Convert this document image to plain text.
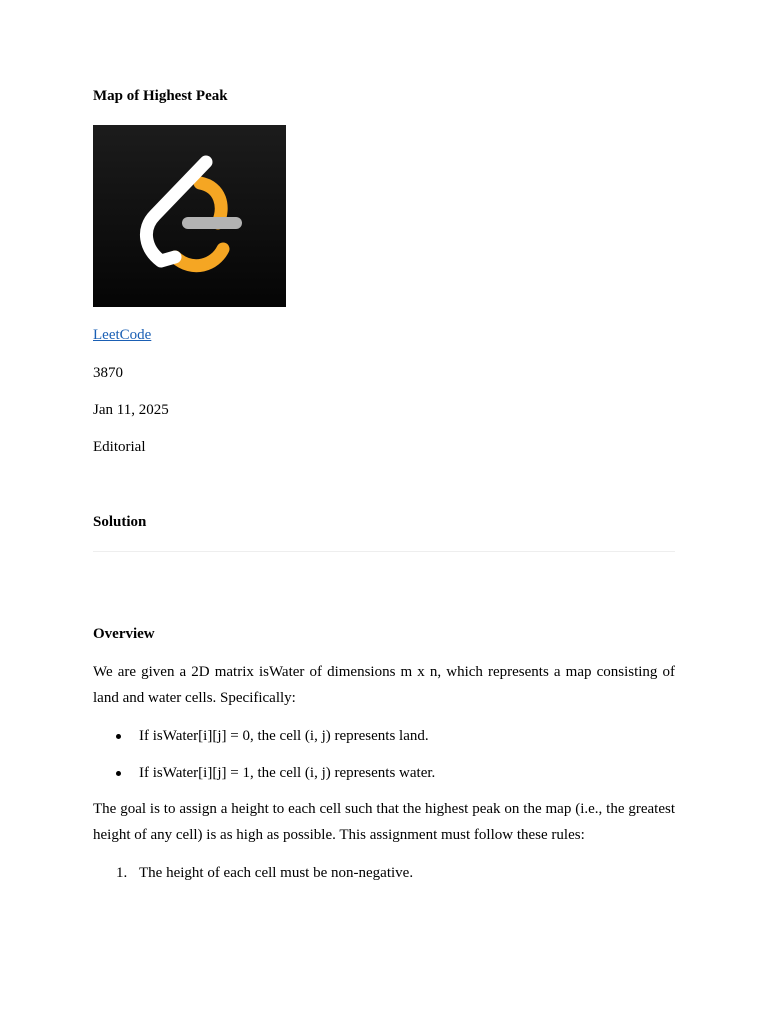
Map of Highest Peak

LeetCode

3870

Jan 11, 2025

Editorial

Solution
Overview

We are given a 2D matrix isWater of dimensions m x n, which represents a map consisting of land and water cells. Specifically:

If isWater[i][j] = 0, the cell (i, j) represents land.
If isWater[i][j] = 1, the cell (i, j) represents water.

The goal is to assign a height to each cell such that the highest peak on the map (i.e., the greatest height of any cell) is as high as possible. This assignment must follow these rules:

1. The height of each cell must be non-negative.
